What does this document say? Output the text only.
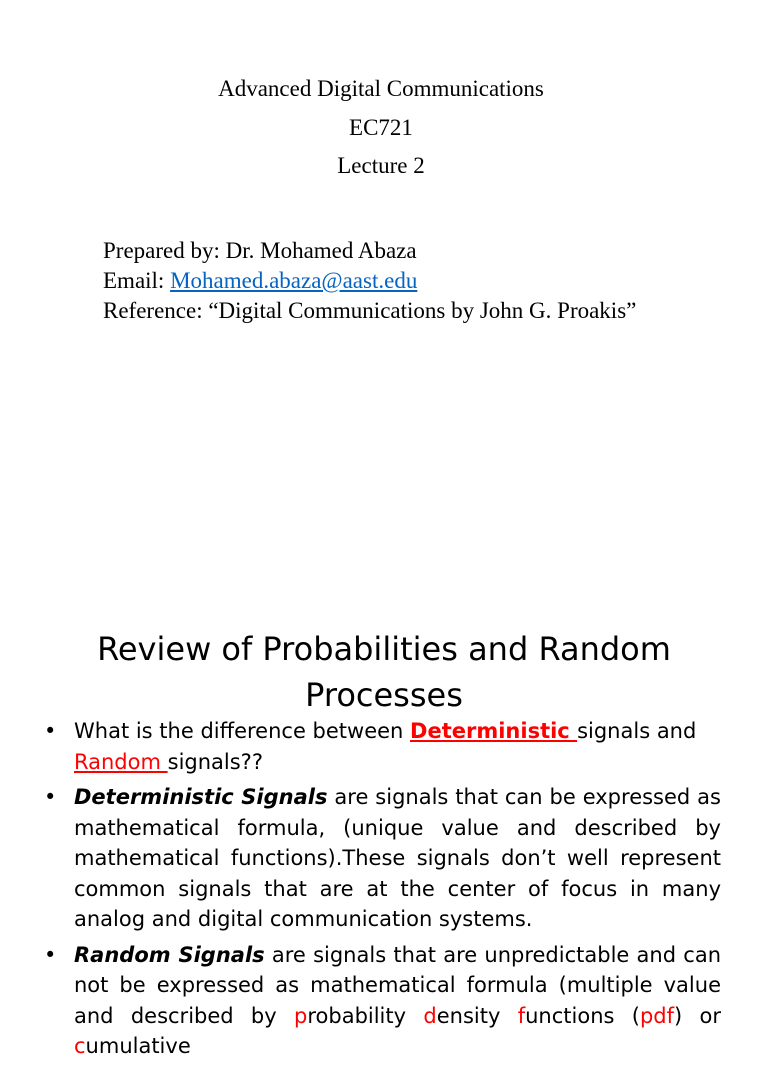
Advanced Digital Communications
EC721
Lecture 2
Prepared by: Dr. Mohamed Abaza
Email: Mohamed.abaza@aast.edu
Reference: “Digital Communications by John G. Proakis”
Review of Probabilities and Random
Processes
• What is the difference between Deterministic signals and
Random signals??
• Deterministic Signals are signals that can be expressed as mathematical formula, (unique value and described by mathematical functions).These signals don’t well represent common signals that are at the center of focus in many analog and digital communication systems.
• Random Signals are signals that are unpredictable and can not be expressed as mathematical formula (multiple value and described by probability density functions (pdf) or cumulative
